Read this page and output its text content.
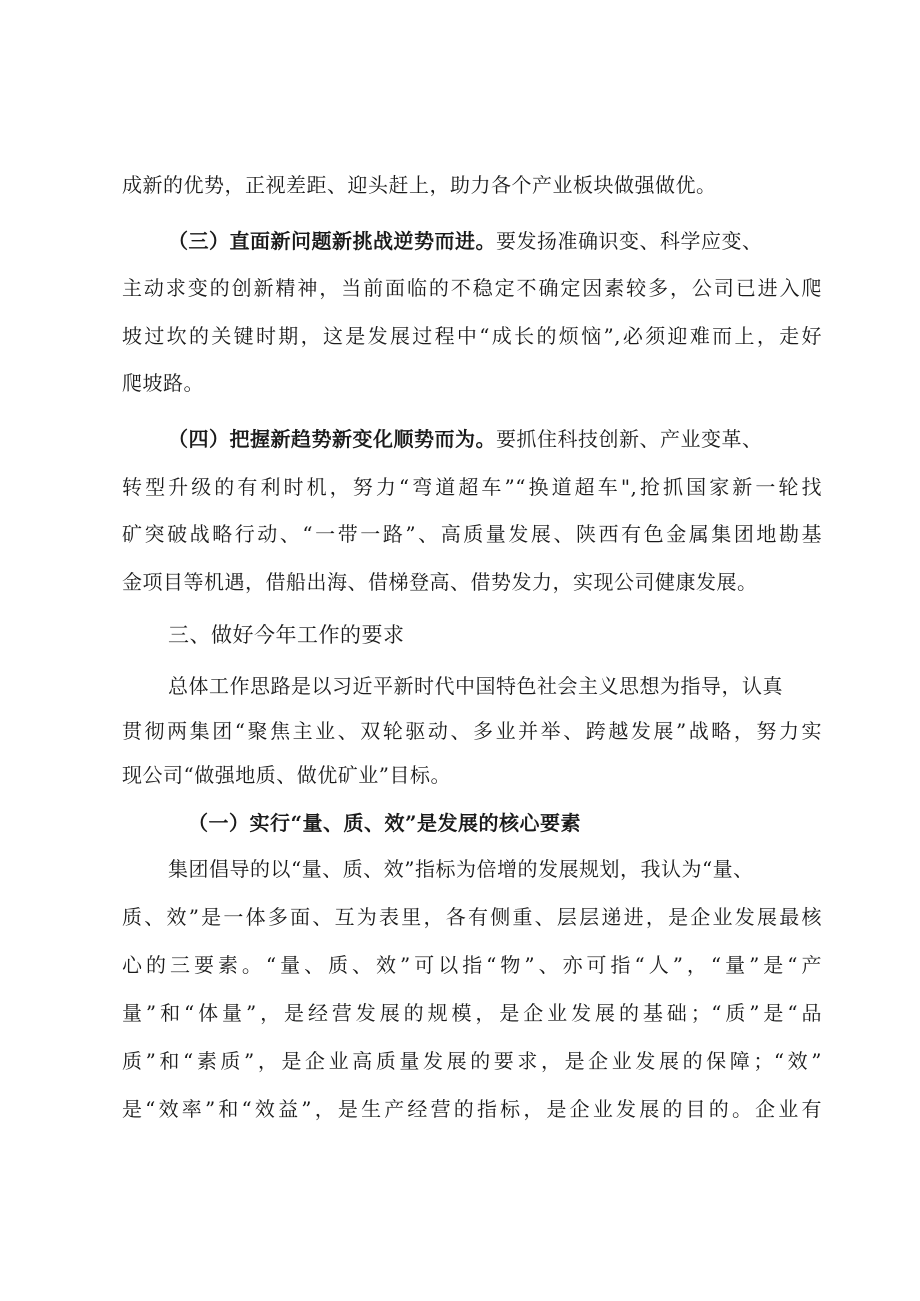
成新的优势，正视差距、迎头赶上，助力各个产业板块做强做优。
（三）直面新问题新挑战逆势而进。要发扬准确识变、科学应变、
主动求变的创新精神，当前面临的不稳定不确定因素较多，公司已进入爬
坡过坎的关键时期，这是发展过程中“成长的烦恼”,必须迎难而上，走好
爬坡路。
（四）把握新趋势新变化顺势而为。要抓住科技创新、产业变革、
转型升级的有利时机，努力“弯道超车”“换道超车",抢抓国家新一轮找
矿突破战略行动、“一带一路”、高质量发展、陕西有色金属集团地勘基
金项目等机遇，借船出海、借梯登高、借势发力，实现公司健康发展。
三、做好今年工作的要求
总体工作思路是以习近平新时代中国特色社会主义思想为指导，认真
贯彻两集团“聚焦主业、双轮驱动、多业并举、跨越发展”战略，努力实
现公司“做强地质、做优矿业”目标。
（一）实行“量、质、效”是发展的核心要素
集团倡导的以“量、质、效”指标为倍增的发展规划，我认为“量、
质、效”是一体多面、互为表里，各有侧重、层层递进，是企业发展最核
心的三要素。“量、质、效”可以指“物”、亦可指“人”，“量”是“产
量”和“体量”，是经营发展的规模，是企业发展的基础；“质”是“品
质”和“素质”，是企业高质量发展的要求，是企业发展的保障；“效”
是“效率”和“效益”，是生产经营的指标，是企业发展的目的。企业有
